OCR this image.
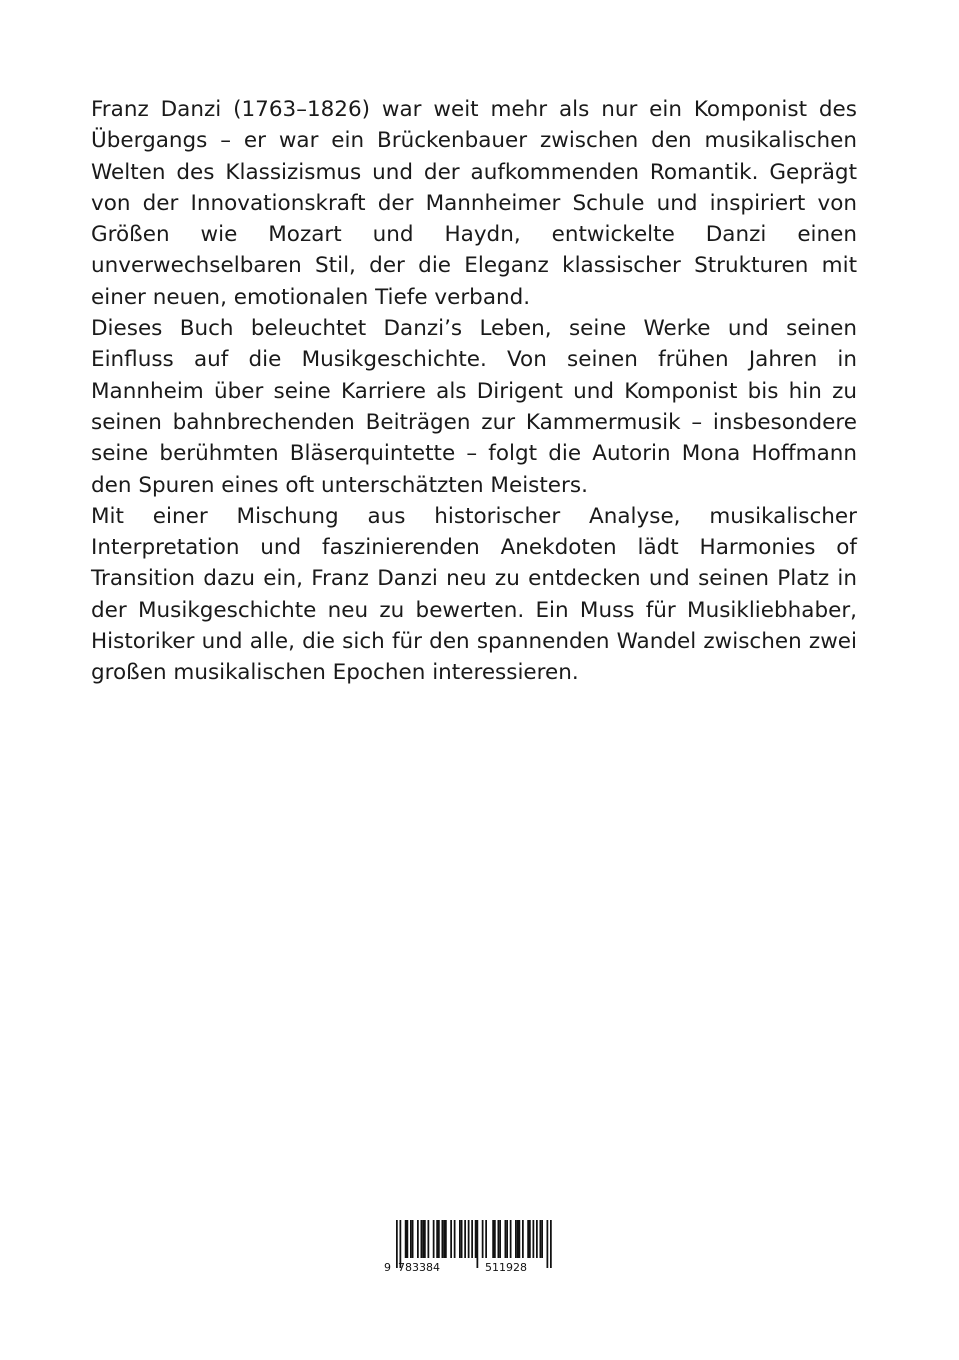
Franz Danzi (1763–1826) war weit mehr als nur ein Komponist des Übergangs – er war ein Brückenbauer zwischen den musikalischen Welten des Klassizismus und der aufkommenden Romantik. Geprägt von der Innovationskraft der Mannheimer Schule und inspiriert von Größen wie Mozart und Haydn, entwickelte Danzi einen unverwechselbaren Stil, der die Eleganz klassischer Strukturen mit einer neuen, emotionalen Tiefe verband.

Dieses Buch beleuchtet Danzi’s Leben, seine Werke und seinen Einfluss auf die Musikgeschichte. Von seinen frühen Jahren in Mannheim über seine Karriere als Dirigent und Komponist bis hin zu seinen bahnbrechenden Beiträgen zur Kammermusik – insbesondere seine berühmten Bläserquintette – folgt die Autorin Mona Hoffmann den Spuren eines oft unterschätzten Meisters.

Mit einer Mischung aus historischer Analyse, musikalischer Interpretation und faszinierenden Anekdoten lädt Harmonies of Transition dazu ein, Franz Danzi neu zu entdecken und seinen Platz in der Musikgeschichte neu zu bewerten. Ein Muss für Musikliebhaber, Historiker und alle, die sich für den spannenden Wandel zwischen zwei großen musikalischen Epochen interessieren.

9 783384	511928
